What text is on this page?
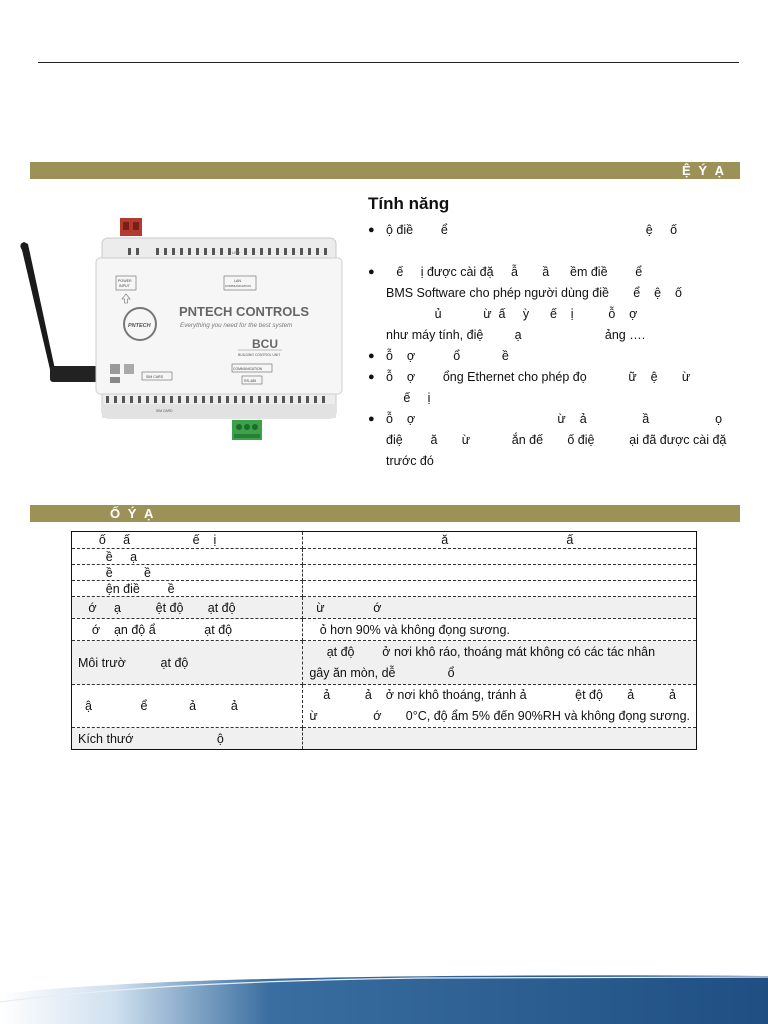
Ệ Ý Ạ
LED
POWER
INPUT
LAN
COMMUNICATION
PNTECH
PNTECH CONTROLS
Everything you need for the best system
BCU
BUILDING CONTROL UNIT
SIM CARD
COMMUNICATION
RS-485
SIM CARD
Tính năng
● ộ điề        ể                                                         ệ     ố
● ế     ị được cài đặ     ẫ       ầ      ềm điề        ể
BMS Software cho phép người dùng điề       ể    ệ    ố
ủ            ừ  ấ     ỳ      ế    ị          ỗ    ợ
như máy tính, điệ         ạ                        ảng ….
● ỗ    ợ           ổ            ề
● ỗ    ợ        ổng Ethernet cho phép đọ            ữ    ệ       ừ
ế     ị
● ỗ    ợ                                         ừ    ả                ầ                   ọ
điệ        ă       ừ            ắn đế       ố điệ          ại đã được cài đặ
trước đó
Ố Ý Ạ
ố     ấ                  ế    ị	ă                                  ấ
ề     ạ	
ề         ề	
ện điề        ề	
ớ     ạ          ệt độ       ạt độ	ừ              ớ
ớ    ạn độ ẩ              ạt độ	ỏ hơn 90% và không đọng sương.
Môi trườ          ạt độ	ạt độ        ở nơi khô ráo, thoáng mát không có các tác nhân
gây ăn mòn, dễ               ổ
ậ              ể            ả          ả	ả          ả    ở nơi khô thoáng, tránh ả              ệt độ       ả          ả
ừ                ớ       0°C, độ ẩm 5% đến 90%RH và không đọng sương.
Kích thướ                        ộ	
